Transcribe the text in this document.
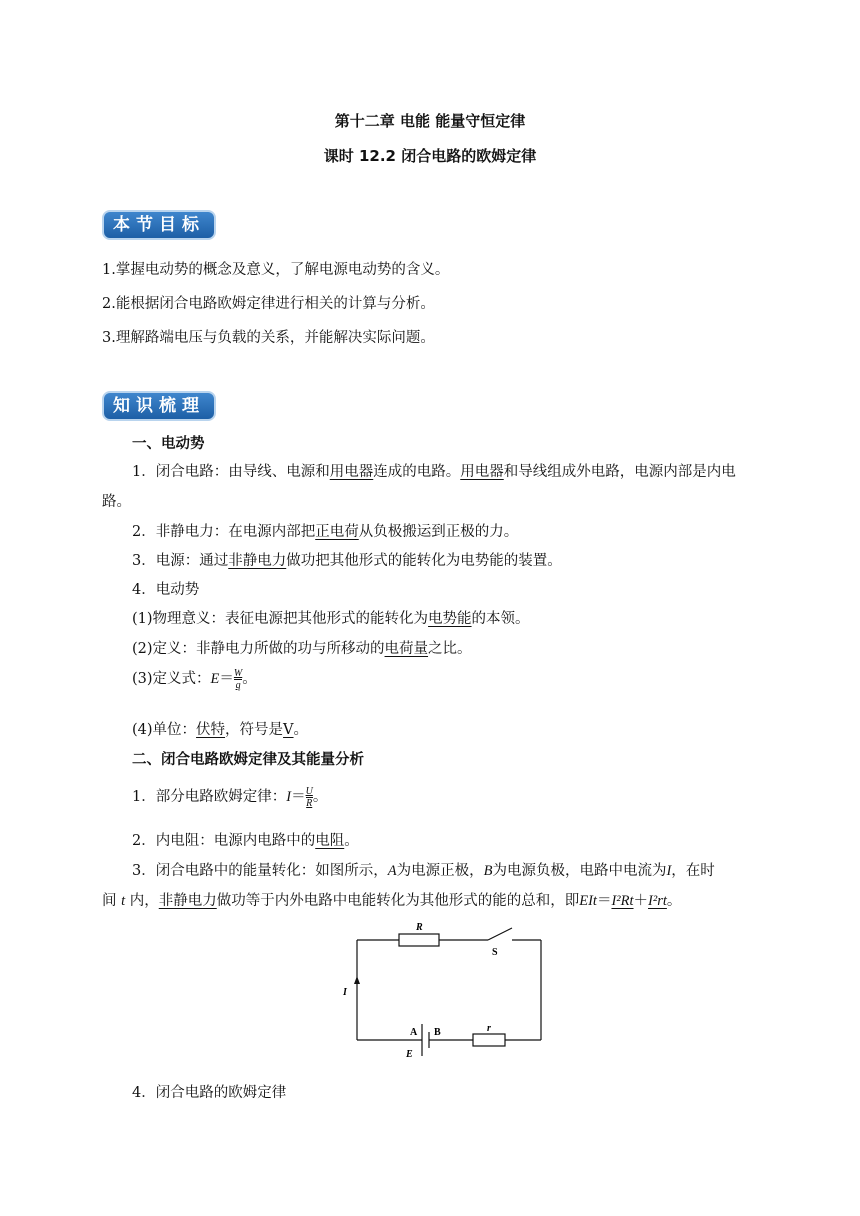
第十二章 电能 能量守恒定律
课时 12.2 闭合电路的欧姆定律
本节目标
1.掌握电动势的概念及意义，了解电源电动势的含义。
2.能根据闭合电路欧姆定律进行相关的计算与分析。
3.理解路端电压与负载的关系，并能解决实际问题。
知识梳理
一、电动势
1．闭合电路：由导线、电源和用电器连成的电路。用电器和导线组成外电路，电源内部是内电
路。
2．非静电力：在电源内部把正电荷从负极搬运到正极的力。
3．电源：通过非静电力做功把其他形式的能转化为电势能的装置。
4．电动势
(1)物理意义：表征电源把其他形式的能转化为电势能的本领。
(2)定义：非静电力所做的功与所移动的电荷量之比。
(3)定义式：$E= \frac{W}{q}$ 。
(4)单位：伏特，符号是V。
二、闭合电路欧姆定律及其能量分析
1．部分电路欧姆定律：$I= \frac{U}{R}$ 。
2．内电阻：电源内电路中的电阻。
3．闭合电路中的能量转化：如图所示，A为电源正极，B为电源负极，电路中电流为I，在时
间 t 内，非静电力做功等于内外电路中电能转化为其他形式的能的总和，即EIt＝I²Rt＋I²rt。
R
S
I
A B	r
E
4．闭合电路的欧姆定律
